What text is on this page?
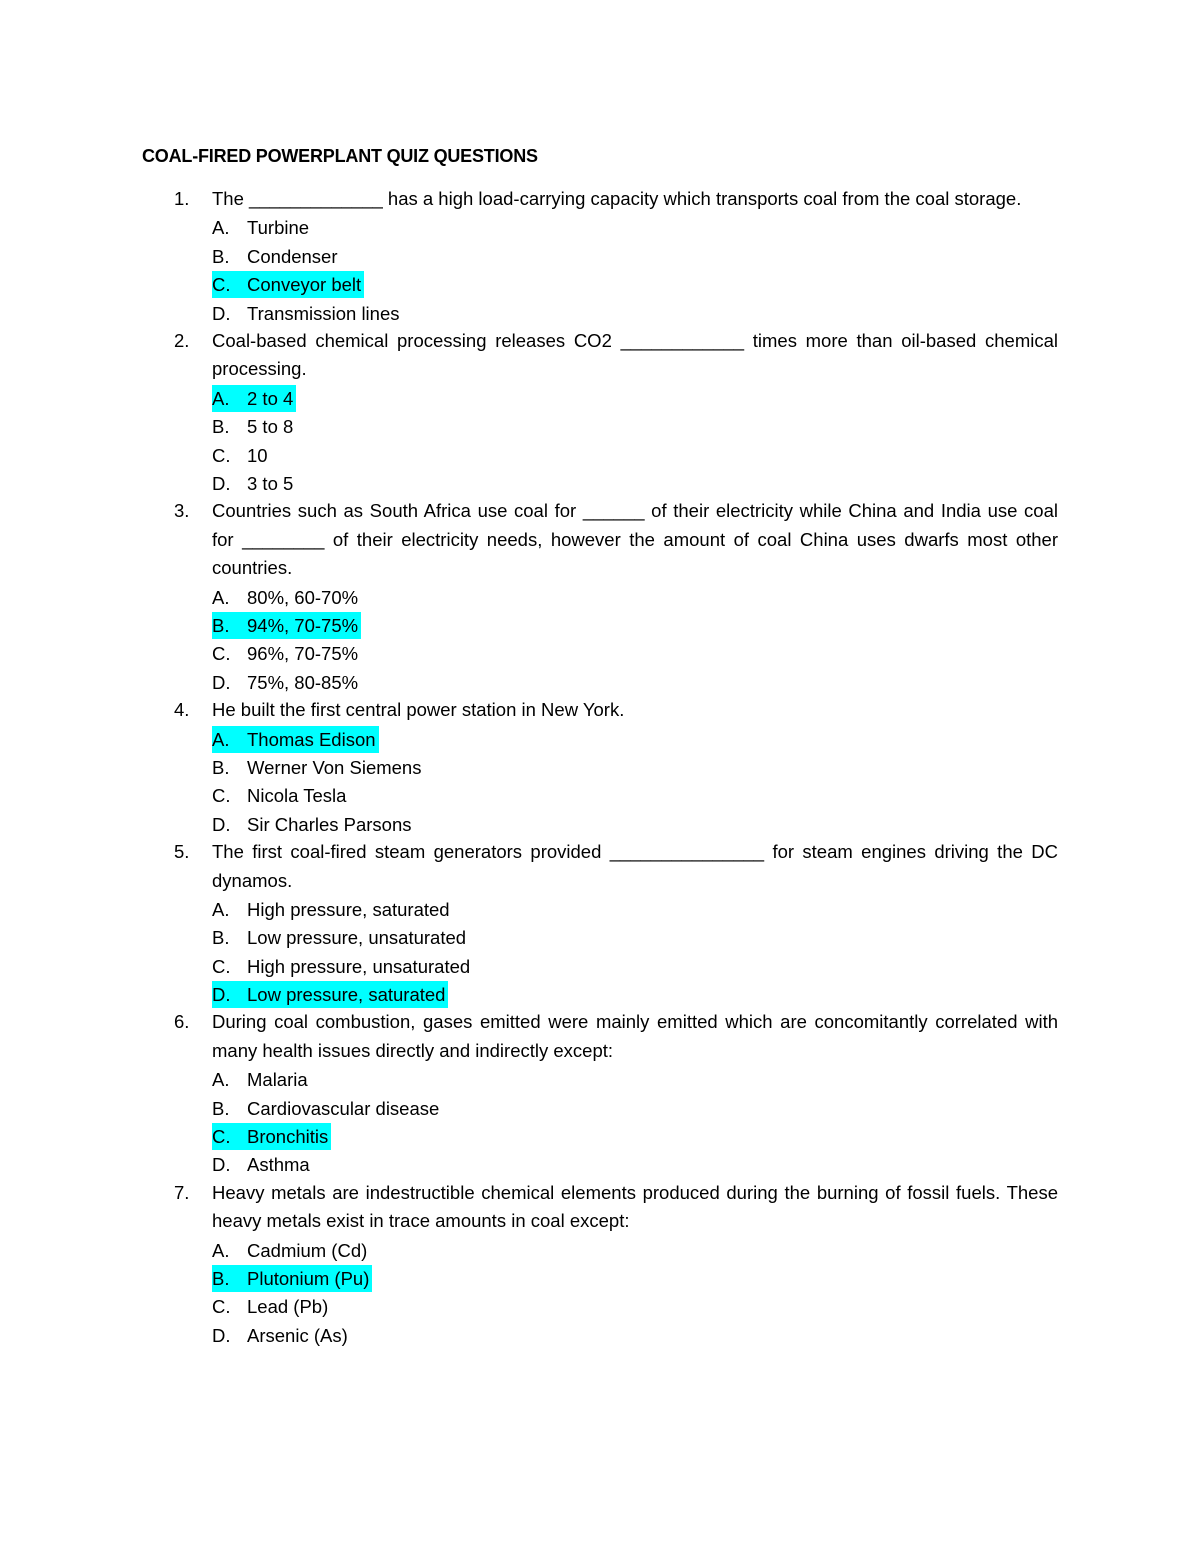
COAL-FIRED POWERPLANT QUIZ QUESTIONS
1. The _____________ has a high load-carrying capacity which transports coal from the coal storage.
A. Turbine
B. Condenser
C. Conveyor belt
D. Transmission lines
2. Coal-based chemical processing releases CO2 ____________ times more than oil-based chemical processing.
A. 2 to 4
B. 5 to 8
C. 10
D. 3 to 5
3. Countries such as South Africa use coal for ______ of their electricity while China and India use coal for ________ of their electricity needs, however the amount of coal China uses dwarfs most other countries.
A. 80%, 60-70%
B. 94%, 70-75%
C. 96%, 70-75%
D. 75%, 80-85%
4. He built the first central power station in New York.
A. Thomas Edison
B. Werner Von Siemens
C. Nicola Tesla
D. Sir Charles Parsons
5. The first coal-fired steam generators provided _______________ for steam engines driving the DC dynamos.
A. High pressure, saturated
B. Low pressure, unsaturated
C. High pressure, unsaturated
D. Low pressure, saturated
6. During coal combustion, gases emitted were mainly emitted which are concomitantly correlated with many health issues directly and indirectly except:
A. Malaria
B. Cardiovascular disease
C. Bronchitis
D. Asthma
7. Heavy metals are indestructible chemical elements produced during the burning of fossil fuels. These heavy metals exist in trace amounts in coal except:
A. Cadmium (Cd)
B. Plutonium (Pu)
C. Lead (Pb)
D. Arsenic (As)
